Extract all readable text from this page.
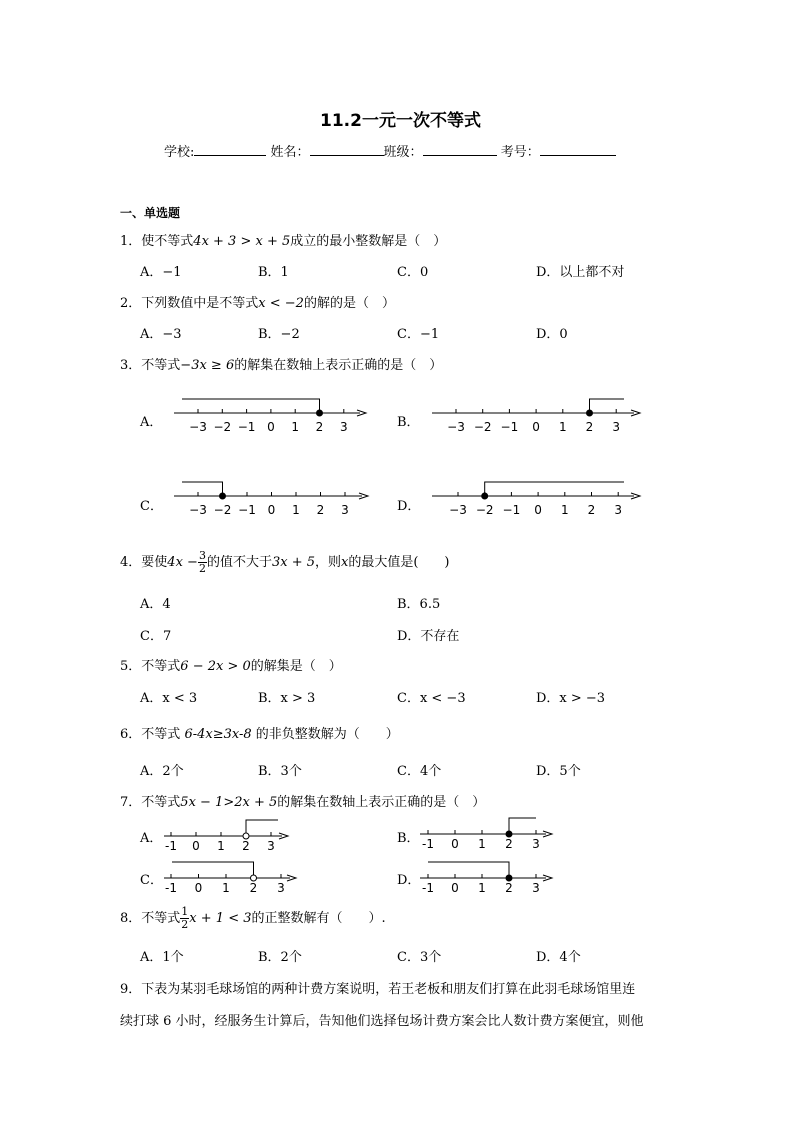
11.2一元一次不等式
学校:	姓名：	班级：	考号：
一、单选题
1．使不等式4x + 3 > x + 5成立的最小整数解是（　）
A．−1	B．1	C．0	D．以上都不对
2．下列数值中是不等式x < −2的解的是（　）
A．−3	B．−2	C．−1	D．0
3．不等式−3x ≥ 6的解集在数轴上表示正确的是（　）
A．	B．
C．	D．
−3 −2 −1 0 1 2 3	−3 −2 −1 0 1 2 3
−3 −2 −1 0 1 2 3	−3 −2 −1 0 1 2 3
4．要使$4x - \frac{3}{2}$ 的值不大于3x + 5，则x的最大值是(　　)
A．4	B．6.5
C．7	D．不存在
5．不等式6 − 2x > 0的解集是（　）
A．x < 3	B．x > 3	C．x < −3	D．x > −3
6．不等式 6-4x≥3x-8 的非负整数解为（　　）
A．2个	B．3个	C．4个	D．5个
7．不等式5x − 1>2x + 5的解集在数轴上表示正确的是（　）
A．	B．
C．	D．
-1 0 1 2 3	-1 0 1 2 3
-1 0 1 2 3	-1 0 1 2 3
8．不等式 $\frac{1}{2}$ x + 1 < 3的正整数解有（　　）.
A．1个	B．2个	C．3个	D．4个
9．下表为某羽毛球场馆的两种计费方案说明，若王老板和朋友们打算在此羽毛球场馆里连
续打球 6 小时，经服务生计算后，告知他们选择包场计费方案会比人数计费方案便宜，则他
